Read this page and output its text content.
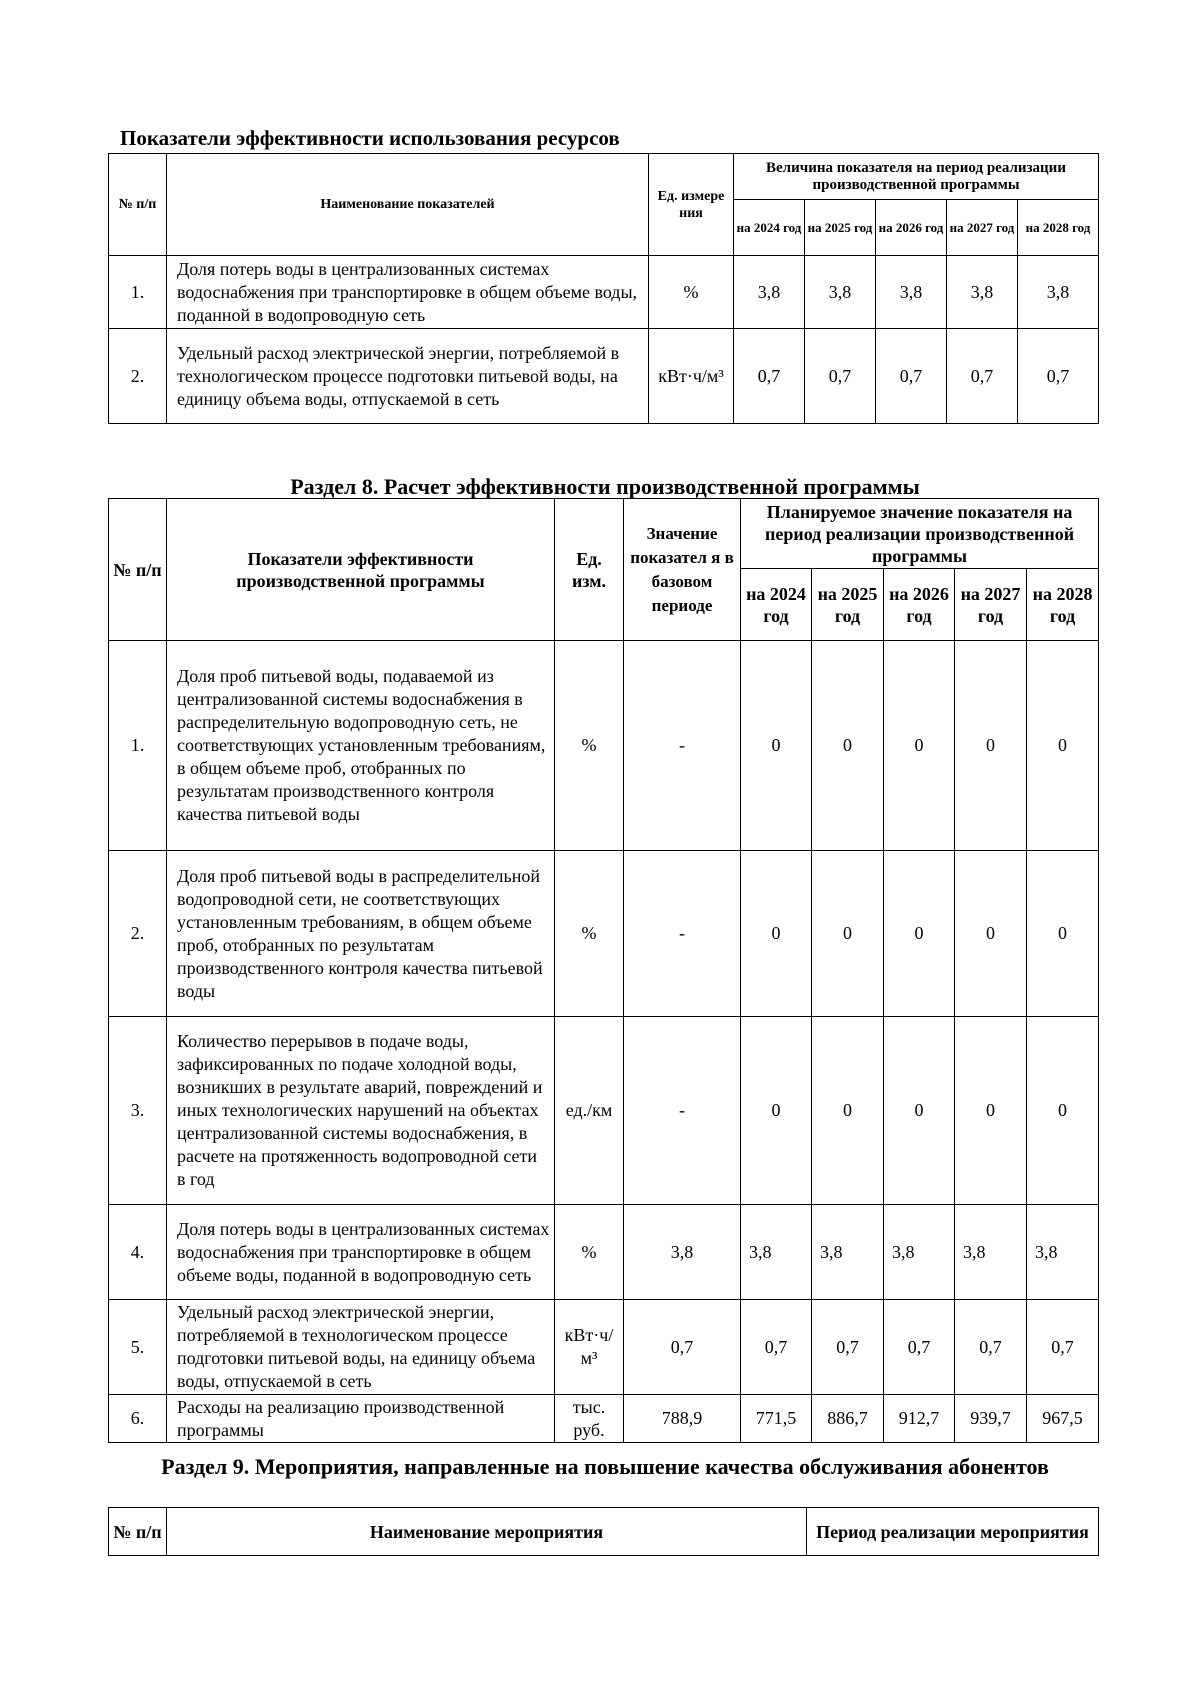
Показатели эффективности использования ресурсов
№ п/п	Наименование показателей	Ед. измере ния	Величина показателя на период реализации производственной программы				
			на 2024 год	на 2025 год	на 2026 год	на 2027 год	на 2028 год
1.	Доля потерь воды в централизованных системах водоснабжения при транспортировке в общем объеме воды, поданной в водопроводную сеть	%	3,8	3,8	3,8	3,8	3,8
2.	Удельный расход электрической энергии, потребляемой в технологическом процессе подготовки питьевой воды, на единицу объема воды, отпускаемой в сеть	кВт·ч/м³	0,7	0,7	0,7	0,7	0,7
Раздел 8. Расчет эффективности производственной программы
№ п/п	Показатели эффективности производственной программы	Ед. изм.	Значение показател я в базовом периоде	Планируемое значение показателя на период реализации производственной программы				
				на 2024 год	на 2025 год	на 2026 год	на 2027 год	на 2028 год
1.	Доля проб питьевой воды, подаваемой из централизованной системы водоснабжения в распределительную водопроводную сеть, не соответствующих установленным требованиям, в общем объеме проб, отобранных по результатам производственного контроля качества питьевой воды	%	-	0	0	0	0	0
2.	Доля проб питьевой воды в распределительной водопроводной сети, не соответствующих установленным требованиям, в общем объеме проб, отобранных по результатам производственного контроля качества питьевой воды	%	-	0	0	0	0	0
3.	Количество перерывов в подаче воды, зафиксированных по подаче холодной воды, возникших в результате аварий, повреждений и иных технологических нарушений на объектах централизованной системы водоснабжения, в расчете на протяженность водопроводной сети в год	ед./км	-	0	0	0	0	0
4.	Доля потерь воды в централизованных системах водоснабжения при транспортировке в общем объеме воды, поданной в водопроводную сеть	%	3,8	3,8	3,8	3,8	3,8	3,8
5.	Удельный расход электрической энергии, потребляемой в технологическом процессе подготовки питьевой воды, на единицу объема воды, отпускаемой в сеть	кВт·ч/м³	0,7	0,7	0,7	0,7	0,7	0,7
6.	Расходы на реализацию производственной программы	тыс. руб.	788,9	771,5	886,7	912,7	939,7	967,5
Раздел 9. Мероприятия, направленные на повышение качества обслуживания абонентов
№ п/п	Наименование мероприятия	Период реализации мероприятия
